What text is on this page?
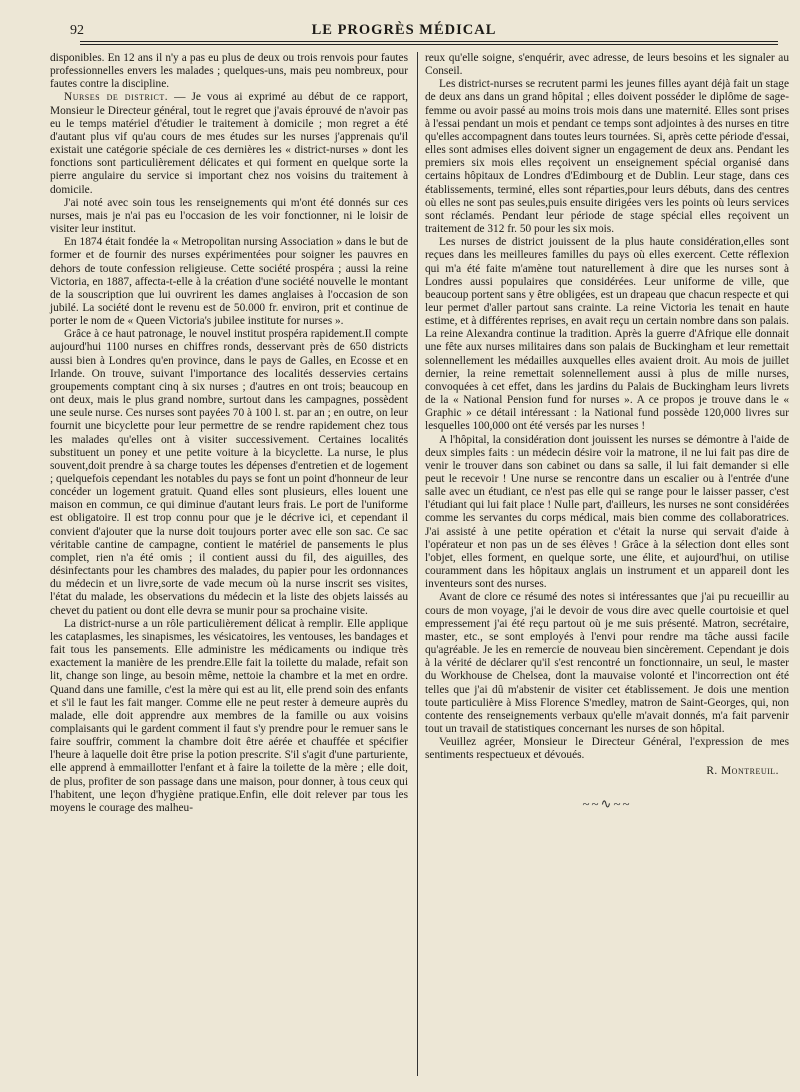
92	LE PROGRÈS MÉDICAL

disponibles. En 12 ans il n'y a pas eu plus de deux ou trois renvois pour fautes professionnelles envers les malades ; quelques-uns, mais peu nombreux, pour fautes contre la discipline.

Nurses de district. — Je vous ai exprimé au début de ce rapport, Monsieur le Directeur général, tout le regret que j'avais éprouvé de n'avoir pas eu le temps matériel d'étudier le traitement à domicile ; mon regret a été d'autant plus vif qu'au cours de mes études sur les nurses j'apprenais qu'il existait une catégorie spéciale de ces dernières les « district-nurses » dont les fonctions sont particulièrement délicates et qui forment en quelque sorte la pierre angulaire du service si important chez nos voisins du traitement à domicile.

J'ai noté avec soin tous les renseignements qui m'ont été donnés sur ces nurses, mais je n'ai pas eu l'occasion de les voir fonctionner, ni le loisir de visiter leur institut.

En 1874 était fondée la « Metropolitan nursing Association » dans le but de former et de fournir des nurses expérimentées pour soigner les pauvres en dehors de toute confession religieuse. Cette société prospéra ; aussi la reine Victoria, en 1887, affecta-t-elle à la création d'une société nouvelle le montant de la souscription que lui ouvrirent les dames anglaises à l'occasion de son jubilé. La société dont le revenu est de 50.000 fr. environ, prit et continue de porter le nom de « Queen Victoria's jubilee institute for nurses ».

Grâce à ce haut patronage, le nouvel institut prospéra rapidement.Il compte aujourd'hui 1100 nurses en chiffres ronds, desservant près de 650 districts aussi bien à Londres qu'en province, dans le pays de Galles, en Ecosse et en Irlande. On trouve, suivant l'importance des localités desservies certains groupements comptant cinq à six nurses ; d'autres en ont trois; beaucoup en ont deux, mais le plus grand nombre, surtout dans les campagnes, possèdent une seule nurse. Ces nurses sont payées 70 à 100 l. st. par an ; en outre, on leur fournit une bicyclette pour leur permettre de se rendre rapidement chez tous les malades qu'elles ont à visiter successivement. Certaines localités substituent un poney et une petite voiture à la bicyclette. La nurse, le plus souvent,doit prendre à sa charge toutes les dépenses d'entretien et de logement ; quelquefois cependant les notables du pays se font un point d'honneur de leur concéder un logement gratuit. Quand elles sont plusieurs, elles louent une maison en commun, ce qui diminue d'autant leurs frais. Le port de l'uniforme est obligatoire. Il est trop connu pour que je le décrive ici, et cependant il convient d'ajouter que la nurse doit toujours porter avec elle son sac. Ce sac véritable cantine de campagne, contient le matériel de pansements le plus complet, rien n'a été omis ; il contient aussi du fil, des aiguilles, des désinfectants pour les chambres des malades, du papier pour les ordonnances du médecin et un livre,sorte de vade mecum où la nurse inscrit ses visites, l'état du malade, les observations du médecin et la liste des objets laissés au chevet du patient ou dont elle devra se munir pour sa prochaine visite.

La district-nurse a un rôle particulièrement délicat à remplir. Elle applique les cataplasmes, les sinapismes, les vésicatoires, les ventouses, les bandages et fait tous les pansements. Elle administre les médicaments ou indique très exactement la manière de les prendre.Elle fait la toilette du malade, refait son lit, change son linge, au besoin même, nettoie la chambre et la met en ordre. Quand dans une famille, c'est la mère qui est au lit, elle prend soin des enfants et s'il le faut les fait manger. Comme elle ne peut rester à demeure auprès du malade, elle doit apprendre aux membres de la famille ou aux voisins complaisants qui le gardent comment il faut s'y prendre pour le remuer sans le faire souffrir, comment la chambre doit être aérée et chauffée et spécifier l'heure à laquelle doit être prise la potion prescrite. S'il s'agit d'une parturiente, elle apprend à emmaillotter l'enfant et à faire la toilette de la mère ; elle doit, de plus, profiter de son passage dans une maison, pour donner, à tous ceux qui l'habitent, une leçon d'hygiène pratique.Enfin, elle doit relever par tous les moyens le courage des malheu-

reux qu'elle soigne, s'enquérir, avec adresse, de leurs besoins et les signaler au Conseil.

Les district-nurses se recrutent parmi les jeunes filles ayant déjà fait un stage de deux ans dans un grand hôpital ; elles doivent posséder le diplôme de sage-femme ou avoir passé au moins trois mois dans une maternité. Elles sont prises à l'essai pendant un mois et pendant ce temps sont adjointes à des nurses en titre qu'elles accompagnent dans toutes leurs tournées. Si, après cette période d'essai, elles sont admises elles doivent signer un engagement de deux ans. Pendant les premiers six mois elles reçoivent un enseignement spécial organisé dans certains hôpitaux de Londres d'Edimbourg et de Dublin. Leur stage, dans ces établissements, terminé, elles sont réparties,pour leurs débuts, dans des centres où elles ne sont pas seules,puis ensuite dirigées vers les points où leurs services sont réclamés. Pendant leur période de stage spécial elles reçoivent un traitement de 312 fr. 50 pour les six mois.

Les nurses de district jouissent de la plus haute considération,elles sont reçues dans les meilleures familles du pays où elles exercent. Cette réflexion qui m'a été faite m'amène tout naturellement à dire que les nurses sont à Londres aussi populaires que considérées. Leur uniforme de ville, que beaucoup portent sans y être obligées, est un drapeau que chacun respecte et qui leur permet d'aller partout sans crainte. La reine Victoria les tenait en haute estime, et à différentes reprises, en avait reçu un certain nombre dans son palais. La reine Alexandra continue la tradition. Après la guerre d'Afrique elle donnait une fête aux nurses militaires dans son palais de Buckingham et leur remettait solennellement les médailles auxquelles elles avaient droit. Au mois de juillet dernier, la reine remettait solennellement aussi à plus de mille nurses, convoquées à cet effet, dans les jardins du Palais de Buckingham leurs livrets de la « National Pension fund for nurses ». A ce propos je trouve dans le « Graphic » ce détail intéressant : la National fund possède 120,000 livres sur lesquelles 100,000 ont été versés par les nurses !

A l'hôpital, la considération dont jouissent les nurses se démontre à l'aide de deux simples faits : un médecin désire voir la matrone, il ne lui fait pas dire de venir le trouver dans son cabinet ou dans sa salle, il lui fait demander si elle peut le recevoir ! Une nurse se rencontre dans un escalier ou à l'entrée d'une salle avec un étudiant, ce n'est pas elle qui se range pour le laisser passer, c'est l'étudiant qui lui fait place ! Nulle part, d'ailleurs, les nurses ne sont considérées comme les servantes du corps médical, mais bien comme des collaboratrices. J'ai assisté à une petite opération et c'était la nurse qui servait d'aide à l'opérateur et non pas un de ses élèves ! Grâce à la sélection dont elles sont l'objet, elles forment, en quelque sorte, une élite, et aujourd'hui, on utilise couramment dans les hôpitaux anglais un instrument et un appareil dont les inventeurs sont des nurses.

Avant de clore ce résumé des notes si intéressantes que j'ai pu recueillir au cours de mon voyage, j'ai le devoir de vous dire avec quelle courtoisie et quel empressement j'ai été reçu partout où je me suis présenté. Matron, secrétaire, master, etc., se sont employés à l'envi pour rendre ma tâche aussi facile qu'agréable. Je les en remercie de nouveau bien sincèrement. Cependant je dois à la vérité de déclarer qu'il s'est rencontré un fonctionnaire, un seul, le master du Workhouse de Chelsea, dont la mauvaise volonté et l'incorrection ont été telles que j'ai dû m'abstenir de visiter cet établissement. Je dois une mention toute particulière à Miss Florence S'medley, matron de Saint-Georges, qui, non contente des renseignements verbaux qu'elle m'avait donnés, m'a fait parvenir tout un travail de statistiques concernant les nurses de son hôpital.

Veuillez agréer, Monsieur le Directeur Général, l'expression de mes sentiments respectueux et dévoués.

R. Montreuil.
~~∿~~
